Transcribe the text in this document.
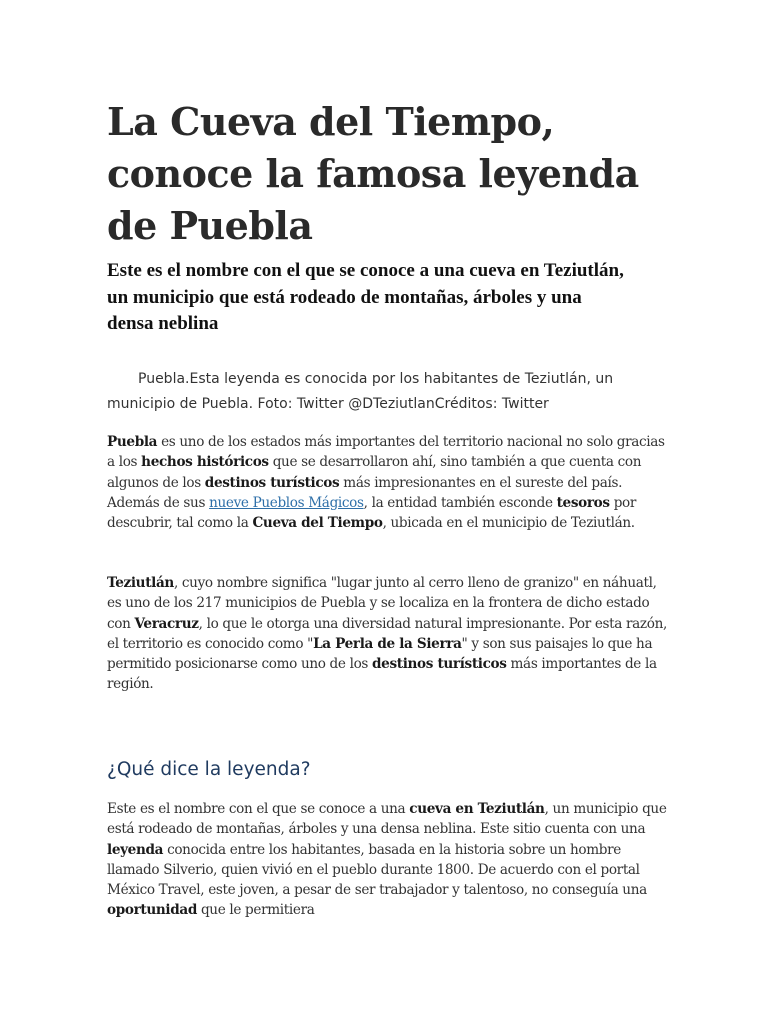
La Cueva del Tiempo, conoce la famosa leyenda de Puebla
Este es el nombre con el que se conoce a una cueva en Teziutlán, un municipio que está rodeado de montañas, árboles y una densa neblina

Puebla.Esta leyenda es conocida por los habitantes de Teziutlán, un municipio de Puebla. Foto: Twitter @DTeziutlanCréditos: Twitter

Puebla es uno de los estados más importantes del territorio nacional no solo gracias a los hechos históricos que se desarrollaron ahí, sino también a que cuenta con algunos de los destinos turísticos más impresionantes en el sureste del país. Además de sus nueve Pueblos Mágicos, la entidad también esconde tesoros por descubrir, tal como la Cueva del Tiempo, ubicada en el municipio de Teziutlán.

Teziutlán, cuyo nombre significa "lugar junto al cerro lleno de granizo" en náhuatl, es uno de los 217 municipios de Puebla y se localiza en la frontera de dicho estado con Veracruz, lo que le otorga una diversidad natural impresionante. Por esta razón, el territorio es conocido como "La Perla de la Sierra" y son sus paisajes lo que ha permitido posicionarse como uno de los destinos turísticos más importantes de la región.

¿Qué dice la leyenda?

Este es el nombre con el que se conoce a una cueva en Teziutlán, un municipio que está rodeado de montañas, árboles y una densa neblina. Este sitio cuenta con una leyenda conocida entre los habitantes, basada en la historia sobre un hombre llamado Silverio, quien vivió en el pueblo durante 1800. De acuerdo con el portal México Travel, este joven, a pesar de ser trabajador y talentoso, no conseguía una oportunidad que le permitiera
